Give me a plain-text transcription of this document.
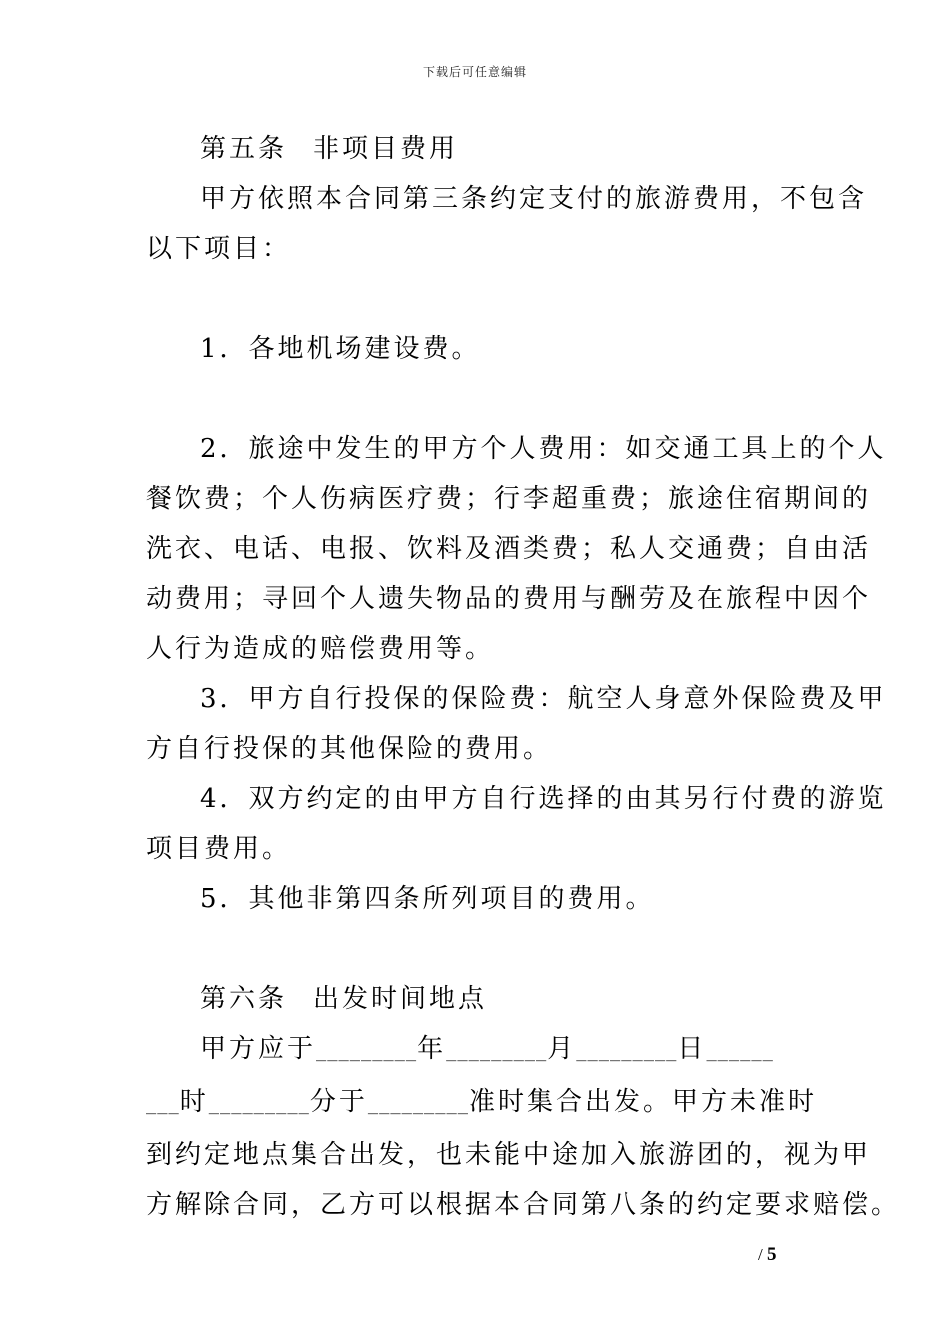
下载后可任意编辑

第五条 非项目费用

甲方依照本合同第三条约定支付的旅游费用，不包含

以下项目：

1．各地机场建设费。

2．旅途中发生的甲方个人费用：如交通工具上的个人

餐饮费；个人伤病医疗费；行李超重费；旅途住宿期间的

洗衣、电话、电报、饮料及酒类费；私人交通费；自由活

动费用；寻回个人遗失物品的费用与酬劳及在旅程中因个

人行为造成的赔偿费用等。

3．甲方自行投保的保险费：航空人身意外保险费及甲

方自行投保的其他保险的费用。

4．双方约定的由甲方自行选择的由其另行付费的游览

项目费用。

5．其他非第四条所列项目的费用。

第六条 出发时间地点

甲方应于_________年_________月_________日______

___时_________分于_________准时集合出发。甲方未准时

到约定地点集合出发，也未能中途加入旅游团的，视为甲

方解除合同，乙方可以根据本合同第八条的约定要求赔偿。

/ 5
